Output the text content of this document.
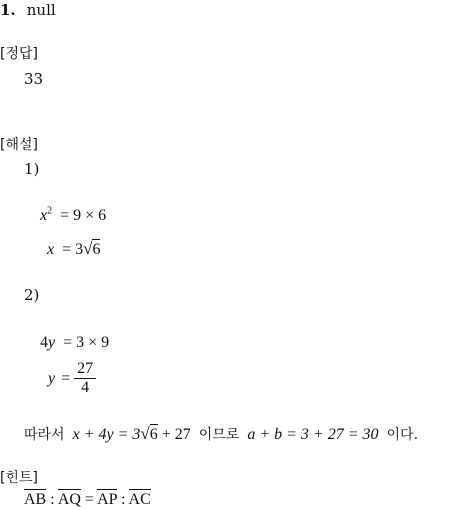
1. null
[정답]
33
[해설]
1)
$x^2 = 9 \times 6$
x = 3 √ 6
2)
4y = 3 × 9
$y = \frac{27}{4}$
따라서 x + 4y = 3 √ 6 + 27 이므로 a + b = 3 + 27 = 30 이다.
[힌트]
AB : AQ = AP : AC
